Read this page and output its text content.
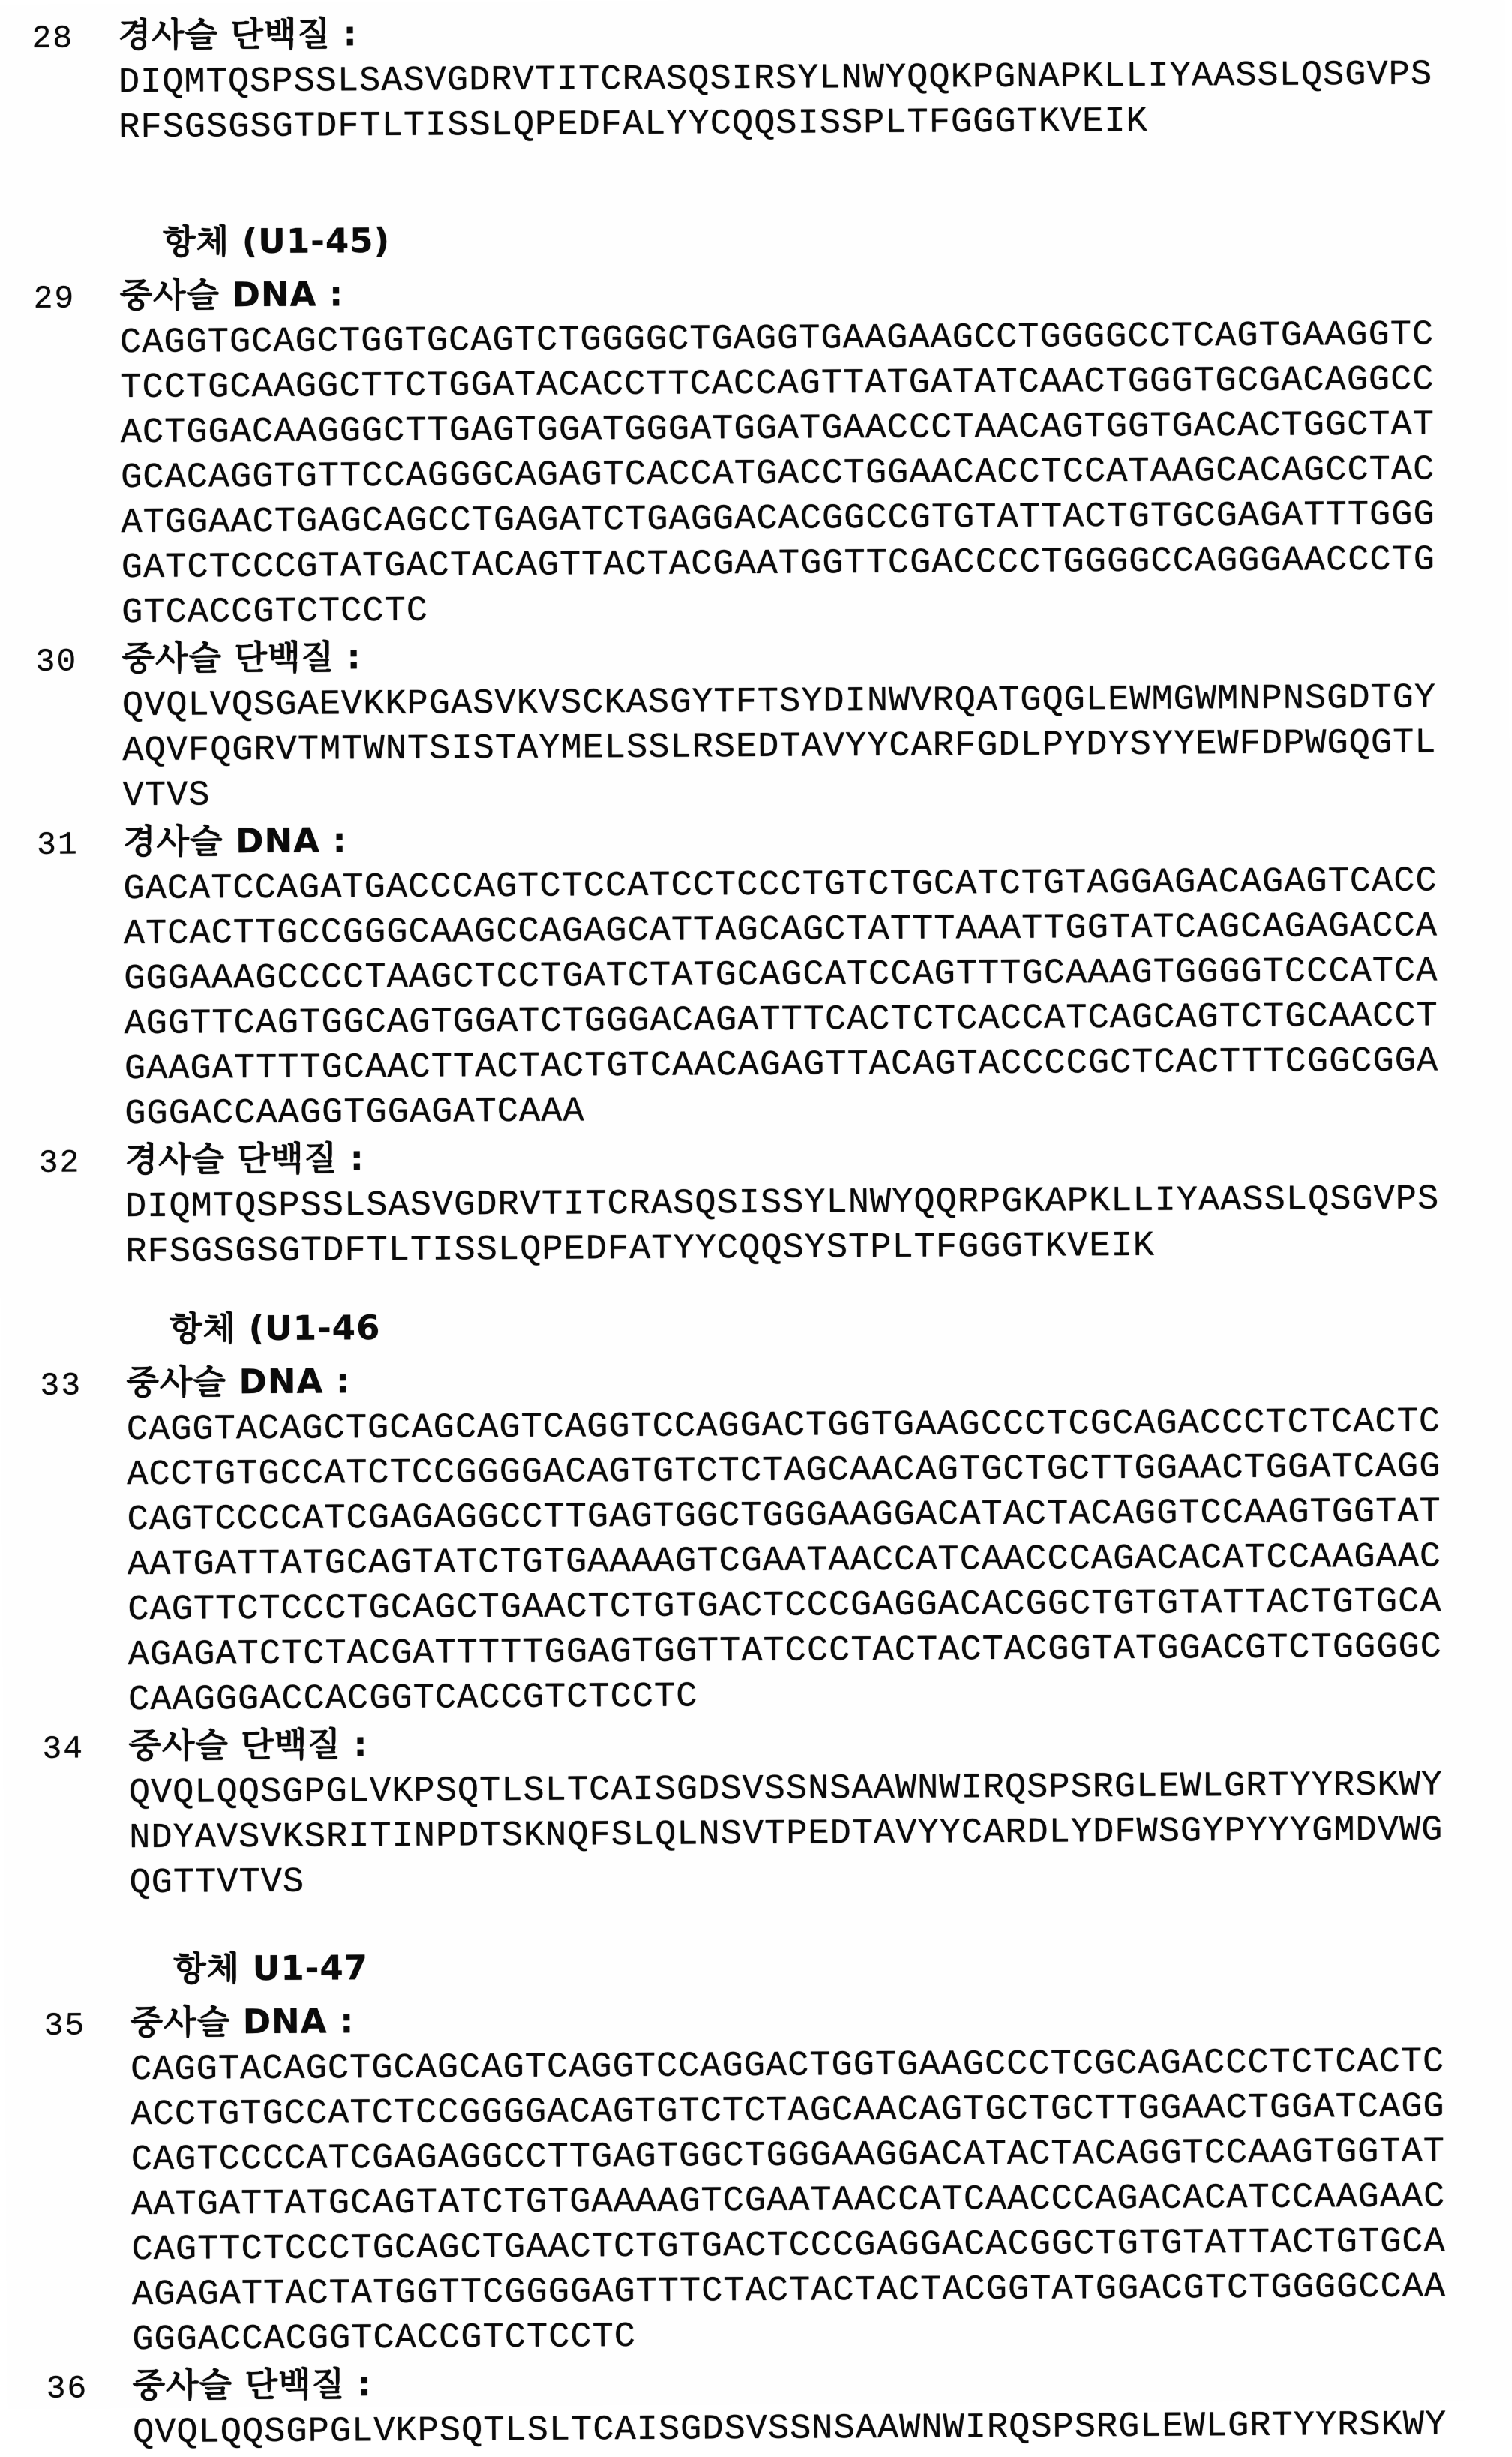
28	경사슬 단백질 :
DIQMTQSPSSLSASVGDRVTITCRASQSIRSYLNWYQQKPGNAPKLLIYAASSLQSGVPS
RFSGSGSGTDFTLTISSLQPEDFALYYCQQSISSPLTFGGGTKVEIK
항체 (U1-45)
29	중사슬 DNA :
CAGGTGCAGCTGGTGCAGTCTGGGGCTGAGGTGAAGAAGCCTGGGGCCTCAGTGAAGGTC
TCCTGCAAGGCTTCTGGATACACCTTCACCAGTTATGATATCAACTGGGTGCGACAGGCC
ACTGGACAAGGGCTTGAGTGGATGGGATGGATGAACCCTAACAGTGGTGACACTGGCTAT
GCACAGGTGTTCCAGGGCAGAGTCACCATGACCTGGAACACCTCCATAAGCACAGCCTAC
ATGGAACTGAGCAGCCTGAGATCTGAGGACACGGCCGTGTATTACTGTGCGAGATTTGGG
GATCTCCCGTATGACTACAGTTACTACGAATGGTTCGACCCCTGGGGCCAGGGAACCCTG
GTCACCGTCTCCTC
30	중사슬 단백질 :
QVQLVQSGAEVKKPGASVKVSCKASGYTFTSYDINWVRQATGQGLEWMGWMNPNSGDTGY
AQVFQGRVTMTWNTSISTAYMELSSLRSEDTAVYYCARFGDLPYDYSYYEWFDPWGQGTL
VTVS
31	경사슬 DNA :
GACATCCAGATGACCCAGTCTCCATCCTCCCTGTCTGCATCTGTAGGAGACAGAGTCACC
ATCACTTGCCGGGCAAGCCAGAGCATTAGCAGCTATTTAAATTGGTATCAGCAGAGACCA
GGGAAAGCCCCTAAGCTCCTGATCTATGCAGCATCCAGTTTGCAAAGTGGGGTCCCATCA
AGGTTCAGTGGCAGTGGATCTGGGACAGATTTCACTCTCACCATCAGCAGTCTGCAACCT
GAAGATTTTGCAACTTACTACTGTCAACAGAGTTACAGTACCCCGCTCACTTTCGGCGGA
GGGACCAAGGTGGAGATCAAA
32	경사슬 단백질 :
DIQMTQSPSSLSASVGDRVTITCRASQSISSYLNWYQQRPGKAPKLLIYAASSLQSGVPS
RFSGSGSGTDFTLTISSLQPEDFATYYCQQSYSTPLTFGGGTKVEIK
항체 (U1-46
33	중사슬 DNA :
CAGGTACAGCTGCAGCAGTCAGGTCCAGGACTGGTGAAGCCCTCGCAGACCCTCTCACTC
ACCTGTGCCATCTCCGGGGACAGTGTCTCTAGCAACAGTGCTGCTTGGAACTGGATCAGG
CAGTCCCCATCGAGAGGCCTTGAGTGGCTGGGAAGGACATACTACAGGTCCAAGTGGTAT
AATGATTATGCAGTATCTGTGAAAAGTCGAATAACCATCAACCCAGACACATCCAAGAAC
CAGTTCTCCCTGCAGCTGAACTCTGTGACTCCCGAGGACACGGCTGTGTATTACTGTGCA
AGAGATCTCTACGATTTTTGGAGTGGTTATCCCTACTACTACGGTATGGACGTCTGGGGC
CAAGGGACCACGGTCACCGTCTCCTC
34	중사슬 단백질 :
QVQLQQSGPGLVKPSQTLSLTCAISGDSVSSNSAAWNWIRQSPSRGLEWLGRTYYRSKWY
NDYAVSVKSRITINPDTSKNQFSLQLNSVTPEDTAVYYCARDLYDFWSGYPYYYGMDVWG
QGTTVTVS
항체 U1-47
35	중사슬 DNA :
CAGGTACAGCTGCAGCAGTCAGGTCCAGGACTGGTGAAGCCCTCGCAGACCCTCTCACTC
ACCTGTGCCATCTCCGGGGACAGTGTCTCTAGCAACAGTGCTGCTTGGAACTGGATCAGG
CAGTCCCCATCGAGAGGCCTTGAGTGGCTGGGAAGGACATACTACAGGTCCAAGTGGTAT
AATGATTATGCAGTATCTGTGAAAAGTCGAATAACCATCAACCCAGACACATCCAAGAAC
CAGTTCTCCCTGCAGCTGAACTCTGTGACTCCCGAGGACACGGCTGTGTATTACTGTGCA
AGAGATTACTATGGTTCGGGGAGTTTCTACTACTACTACGGTATGGACGTCTGGGGCCAA
GGGACCACGGTCACCGTCTCCTC
36	중사슬 단백질 :
QVQLQQSGPGLVKPSQTLSLTCAISGDSVSSNSAAWNWIRQSPSRGLEWLGRTYYRSKWY
